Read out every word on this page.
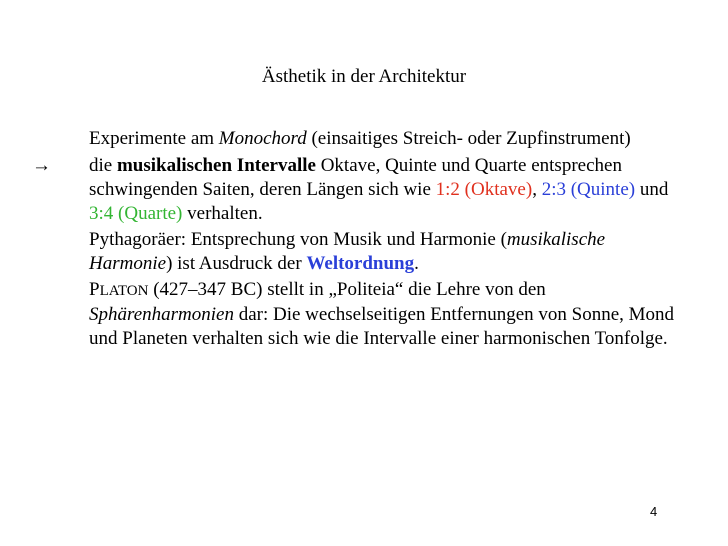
Ästhetik in der Architektur

Experimente am Monochord (einsaitiges Streich- oder Zupfinstrument)

→	die musikalischen Intervalle Oktave, Quinte und Quarte entsprechen schwingenden Saiten, deren Längen sich wie 1:2 (Oktave), 2:3 (Quinte) und 3:4 (Quarte) verhalten.

Pythagoräer: Entsprechung von Musik und Harmonie (musikalische Harmonie) ist Ausdruck der Weltordnung.

PLATON (427–347 BC) stellt in „Politeia“ die Lehre von den Sphärenharmonien dar: Die wechselseitigen Entfernungen von Sonne, Mond und Planeten verhalten sich wie die Intervalle einer harmonischen Tonfolge.

4
